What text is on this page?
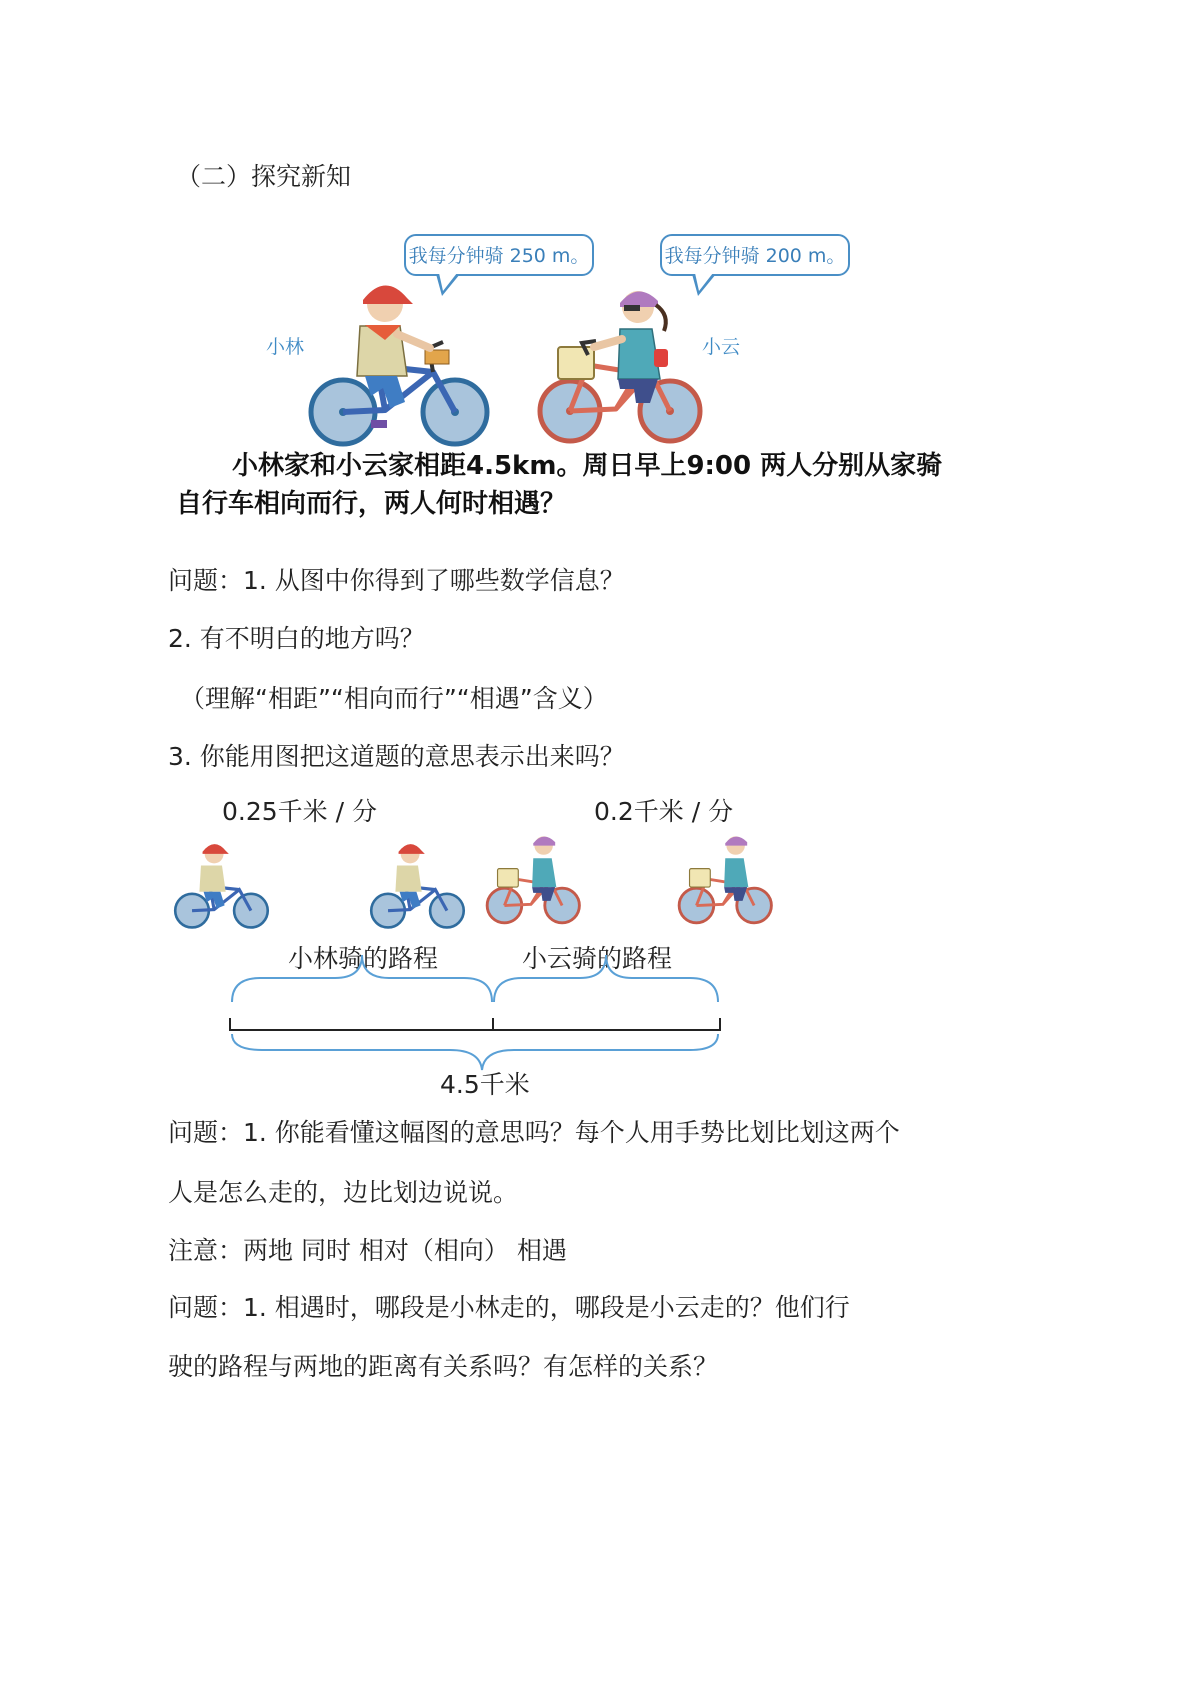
（二）探究新知
我每分钟骑 250 m。	我每分钟骑 200 m。
小林	小云
小林家和小云家相距4.5km。周日早上9:00 两人分别从家骑
自行车相向而行，两人何时相遇？
问题：1. 从图中你得到了哪些数学信息？
2. 有不明白的地方吗？
（理解“相距”“相向而行”“相遇”含义）
3. 你能用图把这道题的意思表示出来吗？
0.25千米 / 分	0.2千米 / 分
小林骑的路程	小云骑的路程
4.5千米
问题：1. 你能看懂这幅图的意思吗？每个人用手势比划比划这两个
人是怎么走的，边比划边说说。
注意：两地 同时 相对（相向） 相遇
问题：1. 相遇时，哪段是小林走的，哪段是小云走的？他们行
驶的路程与两地的距离有关系吗？有怎样的关系？
